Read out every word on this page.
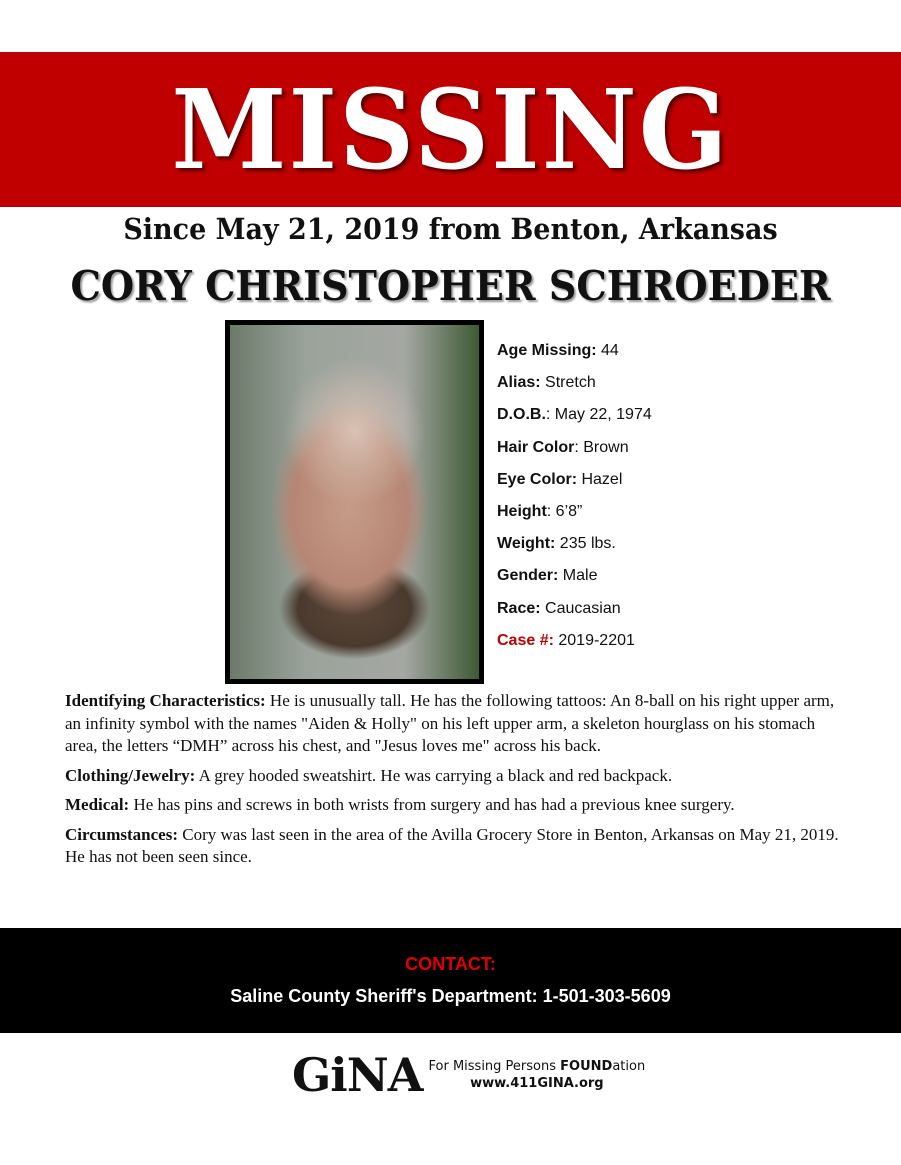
MISSING
Since May 21, 2019 from Benton, Arkansas
CORY CHRISTOPHER SCHROEDER
Age Missing: 44
Alias: Stretch
D.O.B.: May 22, 1974
Hair Color: Brown
Eye Color: Hazel
Height: 6’8”
Weight: 235 lbs.
Gender: Male
Race: Caucasian
Case #: 2019-2201

Identifying Characteristics: He is unusually tall. He has the following tattoos: An 8-ball on his right upper arm, an infinity symbol with the names "Aiden & Holly" on his left upper arm, a skeleton hourglass on his stomach area, the letters “DMH” across his chest, and "Jesus loves me" across his back.

Clothing/Jewelry: A grey hooded sweatshirt. He was carrying a black and red backpack.

Medical: He has pins and screws in both wrists from surgery and has had a previous knee surgery.

Circumstances: Cory was last seen in the area of the Avilla Grocery Store in Benton, Arkansas on May 21, 2019. He has not been seen since.

CONTACT:
Saline County Sheriff's Department: 1-501-303-5609
GiNA For Missing Persons FOUNDation
www.411GINA.org
